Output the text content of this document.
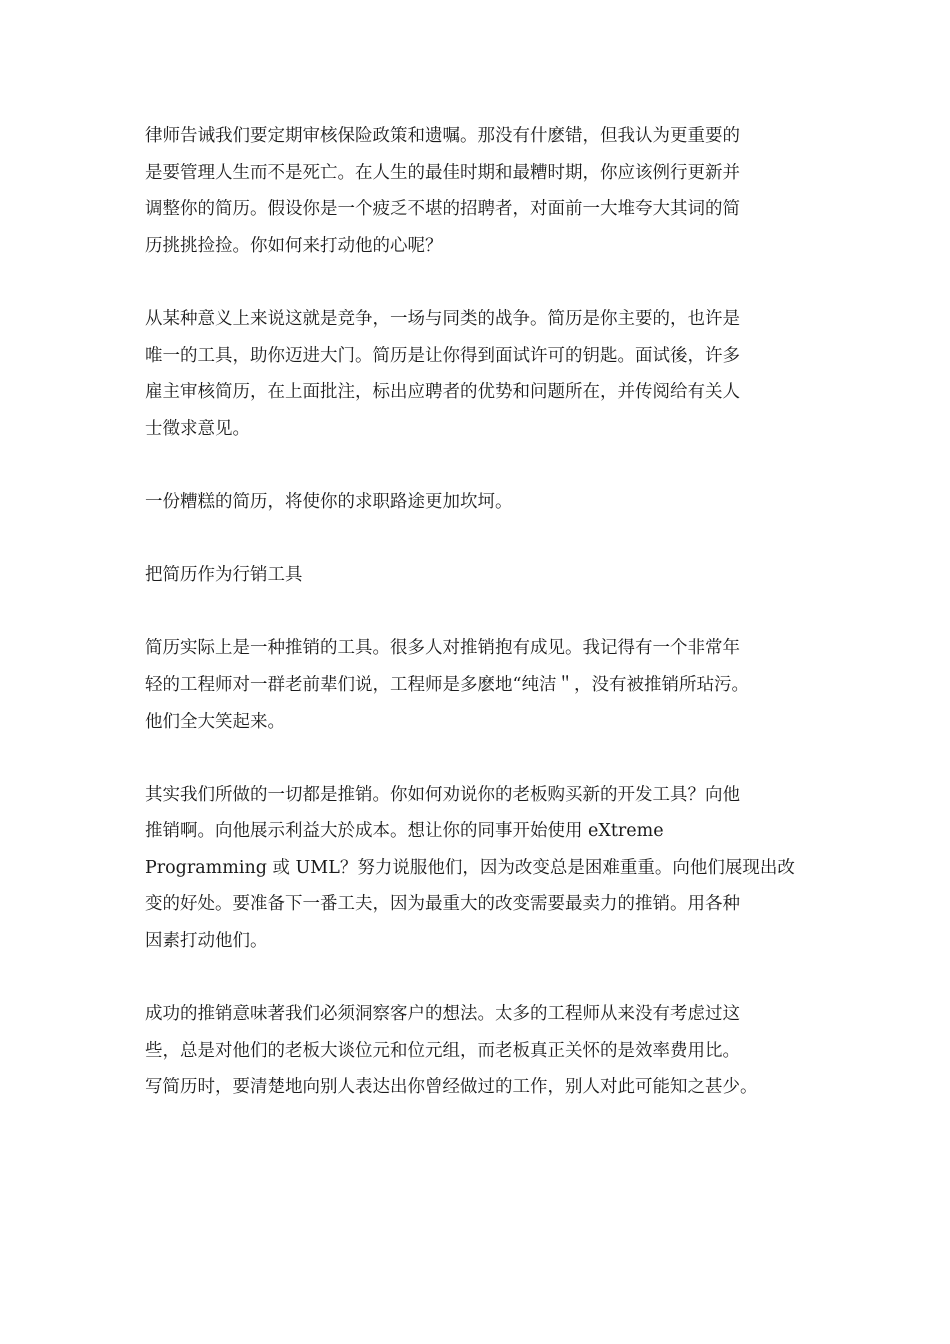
律师告诫我们要定期审核保险政策和遗嘱。那没有什麽错，但我认为更重要的
是要管理人生而不是死亡。在人生的最佳时期和最糟时期，你应该例行更新并
调整你的简历。假设你是一个疲乏不堪的招聘者，对面前一大堆夸大其词的简
历挑挑捡捡。你如何来打动他的心呢？

从某种意义上来说这就是竞争，一场与同类的战争。简历是你主要的，也许是
唯一的工具，助你迈进大门。简历是让你得到面试许可的钥匙。面试後，许多
雇主审核简历，在上面批注，标出应聘者的优势和问题所在，并传阅给有关人
士徵求意见。

一份糟糕的简历，将使你的求职路途更加坎坷。

把简历作为行销工具

简历实际上是一种推销的工具。很多人对推销抱有成见。我记得有一个非常年
轻的工程师对一群老前辈们说，工程师是多麽地“纯洁＂，没有被推销所玷污。
他们全大笑起来。

其实我们所做的一切都是推销。你如何劝说你的老板购买新的开发工具？向他
推销啊。向他展示利益大於成本。想让你的同事开始使用 eXtreme
Programming 或 UML？努力说服他们，因为改变总是困难重重。向他们展现出改
变的好处。要准备下一番工夫，因为最重大的改变需要最卖力的推销。用各种
因素打动他们。

成功的推销意味著我们必须洞察客户的想法。太多的工程师从来没有考虑过这
些，总是对他们的老板大谈位元和位元组，而老板真正关怀的是效率费用比。
写简历时，要清楚地向别人表达出你曾经做过的工作，别人对此可能知之甚少。
